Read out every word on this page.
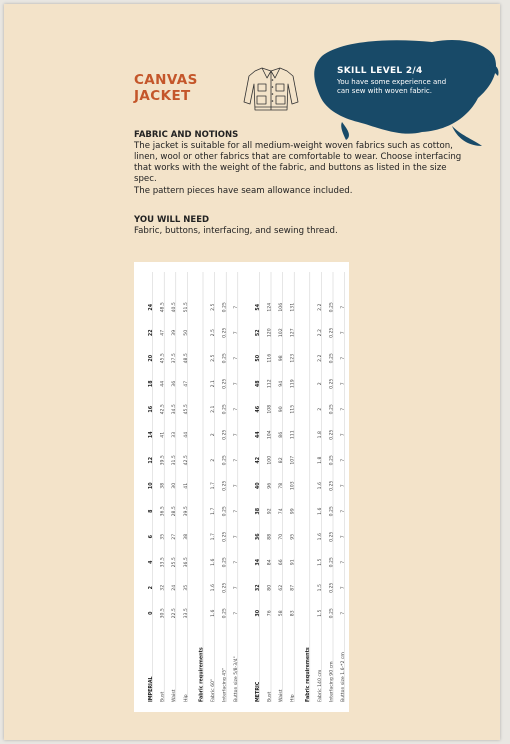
CANVAS
JACKET
SKILL LEVEL 2/4
You have some experience and can sew with woven fabric.
FABRIC AND NOTIONS

The jacket is suitable for all medium-weight woven fabrics such as cotton, linen, wool or other fabrics that are comfortable to wear. Choose interfacing that works with the weight of the fabric, and buttons as listed in the size spec.

The pattern pieces have seam allowance included.

YOU WILL NEED

Fabric, buttons, interfacing, and sewing thread.

IMPERIAL
0
2
4
6
8
10
12
14
16
18
20
22
24
Bust
30.5
32
33.5
35
36.5
38
39.5
41
42.5
44
45.5
47
48.5
Waist
22.5
24
25.5
27
28.5
30
31.5
33
34.5
36
37.5
39
40.5
Hip
33.5
35
36.5
38
39.5
41
42.5
44
45.5
47
48.5
50
51.5
Fabric requirements Fabric 60"
1.6
1.6
1.6
1.7
1.7
1.7
2
2
2.1
2.1
2.5
2.5
2.5
Interfacing 45"
0.25
0.25
0.25
0.25
0.25
0.25
0.25
0.25
0.25
0.25
0.25
0.25
0.25
Button size 5/8-3/4"
7
7
7
7
7
7
7
7
7
7
7
7
7
METRIC
30
32
34
36
38
40
42
44
46
48
50
52
54
Bust
76
80
84
88
92
96
100
104
108
112
116
120
124
Waist
58
62
66
70
74
78
82
86
90
94
98
102
106
Hip
83
87
91
95
99
103
107
111
115
119
123
127
131
Fabric requirements Fabric 140 cm
1.5
1.5
1.5
1.6
1.6
1.6
1.8
1.8
2
2
2.2
2.2
2.2
Interfacing 90 cm
0.25
0.25
0.25
0.25
0.25
0.25
0.25
0.25
0.25
0.25
0.25
0.25
0.25
Button size 1.6-*2 cm
7
7
7
7
7
7
7
7
7
7
7
7
7
